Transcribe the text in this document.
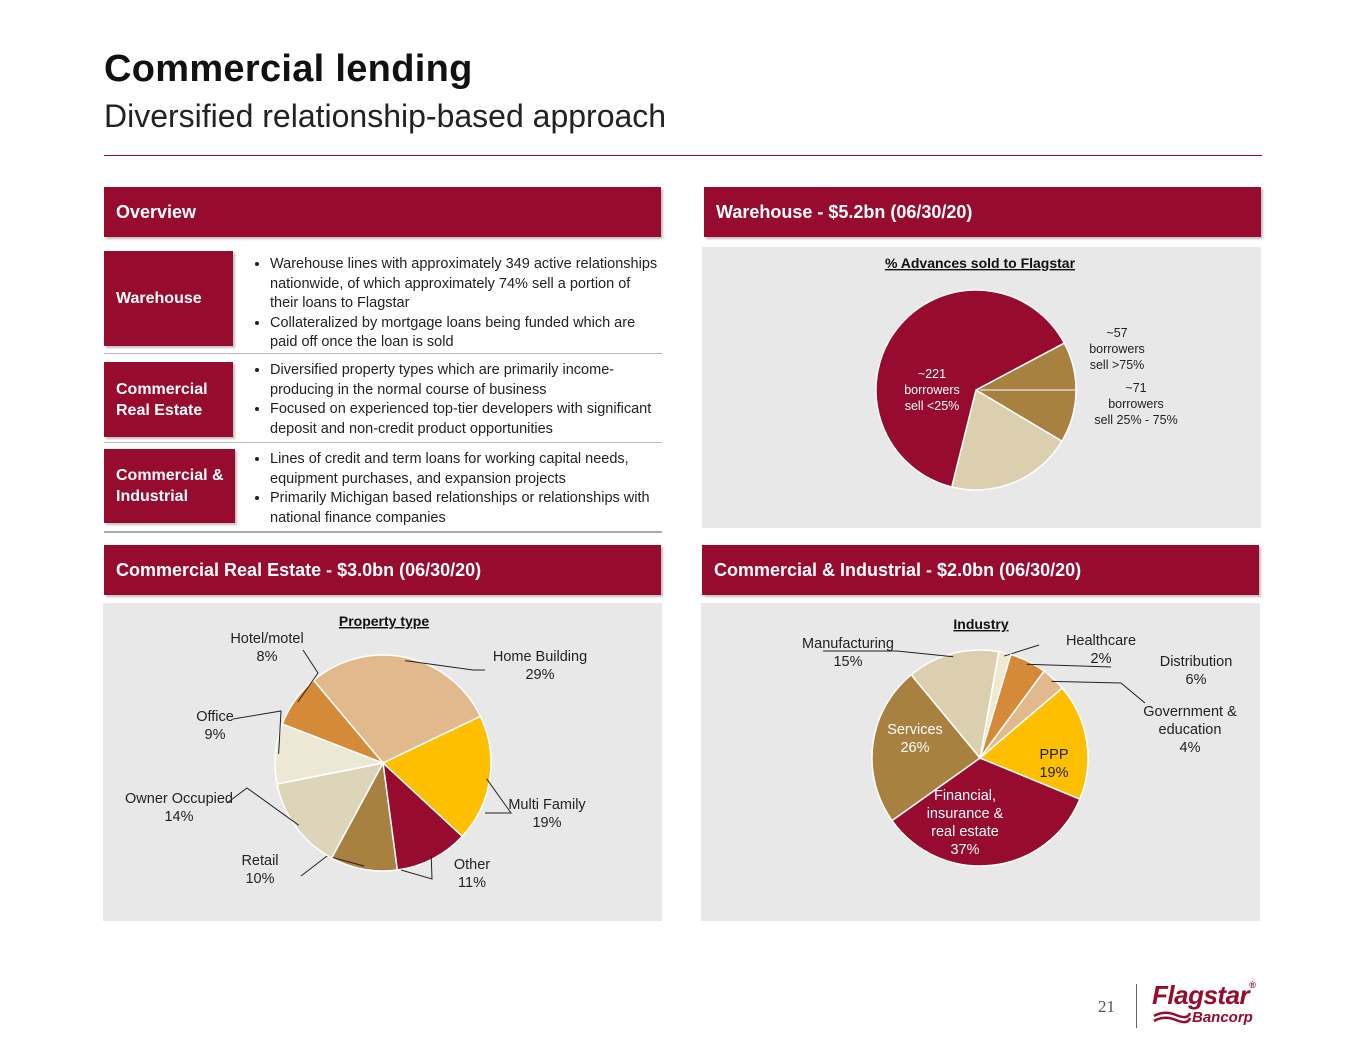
Commercial lending
Diversified relationship-based approach
Overview
Warehouse
• Warehouse lines with approximately 349 active relationships nationwide, of which approximately 74% sell a portion of their loans to Flagstar
• Collateralized by mortgage loans being funded which are paid off once the loan is sold
Commercial Real Estate
• Diversified property types which are primarily income-producing in the normal course of business
• Focused on experienced top-tier developers with significant deposit and non-credit product opportunities
Commercial & Industrial
• Lines of credit and term loans for working capital needs, equipment purchases, and expansion projects
• Primarily Michigan based relationships or relationships with national finance companies
Warehouse - $5.2bn (06/30/20)
% Advances sold to Flagstar
~57
borrowers
sell >75%
~71
borrowers
sell 25% - 75%
~221
borrowers
sell <25%
Commercial Real Estate - $3.0bn (06/30/20)
Property type
Home Building
29%
Multi Family
19%
Other
11%
Retail
10%
Owner Occupied
14%
Office
9%
Hotel/motel
8%
Commercial & Industrial - $2.0bn (06/30/20)
Industry
Healthcare
2%	Distribution
6%
Government &
education
4%
PPP
19%
Financial,
insurance &
real estate
37%
Services
26%
Manufacturing
15%
21 Flagstar®
Bancorp
